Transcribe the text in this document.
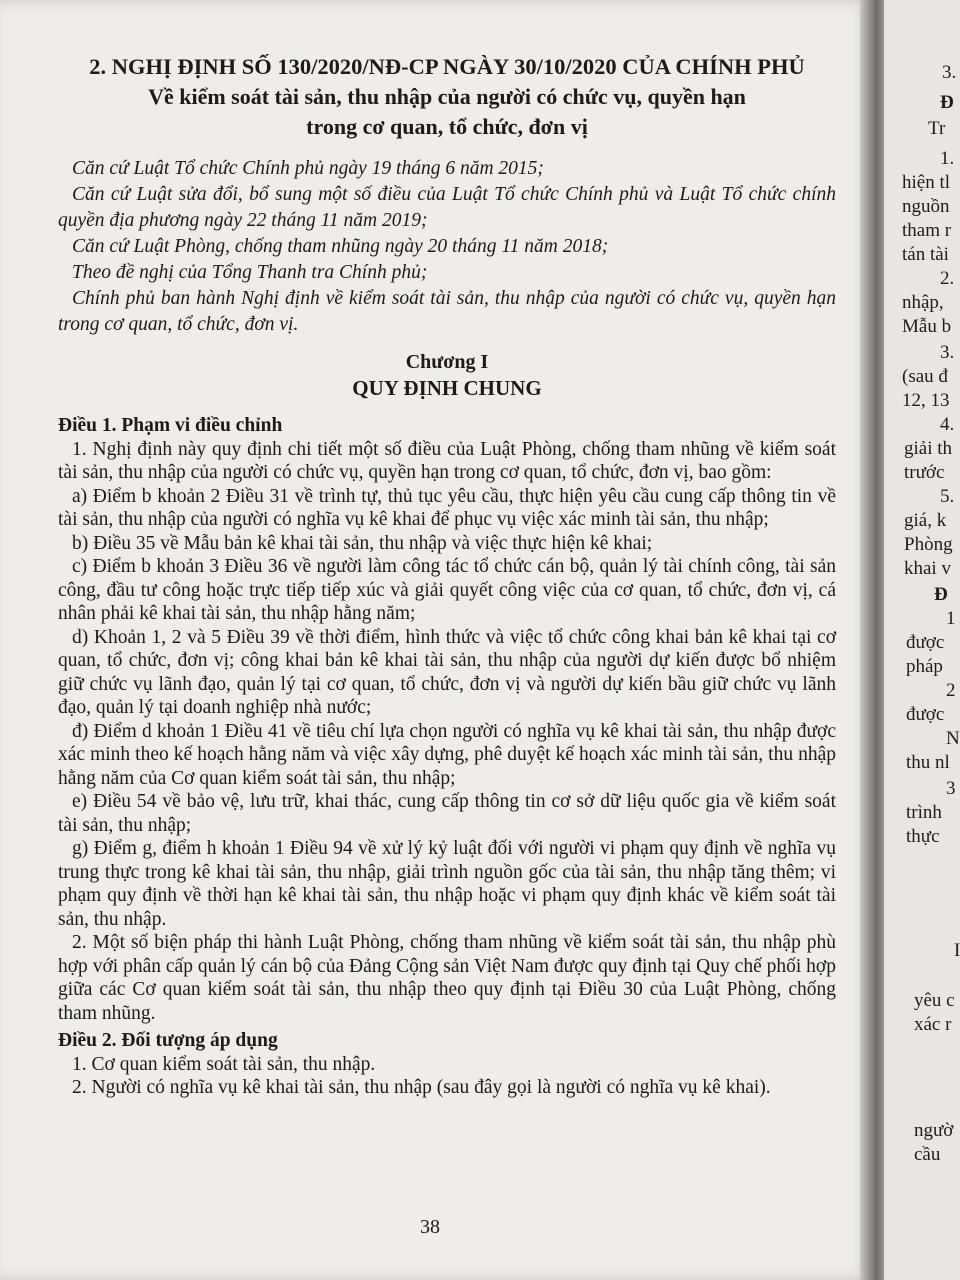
2. NGHỊ ĐỊNH SỐ 130/2020/NĐ-CP NGÀY 30/10/2020 CỦA CHÍNH PHỦ
Về kiểm soát tài sản, thu nhập của người có chức vụ, quyền hạn
trong cơ quan, tổ chức, đơn vị

Căn cứ Luật Tổ chức Chính phủ ngày 19 tháng 6 năm 2015;

Căn cứ Luật sửa đổi, bổ sung một số điều của Luật Tổ chức Chính phủ và Luật Tổ chức chính quyền địa phương ngày 22 tháng 11 năm 2019;

Căn cứ Luật Phòng, chống tham nhũng ngày 20 tháng 11 năm 2018;

Theo đề nghị của Tổng Thanh tra Chính phủ;

Chính phủ ban hành Nghị định về kiểm soát tài sản, thu nhập của người có chức vụ, quyền hạn trong cơ quan, tổ chức, đơn vị.

Chương I
QUY ĐỊNH CHUNG

Điều 1. Phạm vi điều chỉnh

1. Nghị định này quy định chi tiết một số điều của Luật Phòng, chống tham nhũng về kiểm soát tài sản, thu nhập của người có chức vụ, quyền hạn trong cơ quan, tổ chức, đơn vị, bao gồm:

a) Điểm b khoản 2 Điều 31 về trình tự, thủ tục yêu cầu, thực hiện yêu cầu cung cấp thông tin về tài sản, thu nhập của người có nghĩa vụ kê khai để phục vụ việc xác minh tài sản, thu nhập;

b) Điều 35 về Mẫu bản kê khai tài sản, thu nhập và việc thực hiện kê khai;

c) Điểm b khoản 3 Điều 36 về người làm công tác tổ chức cán bộ, quản lý tài chính công, tài sản công, đầu tư công hoặc trực tiếp tiếp xúc và giải quyết công việc của cơ quan, tổ chức, đơn vị, cá nhân phải kê khai tài sản, thu nhập hằng năm;

d) Khoản 1, 2 và 5 Điều 39 về thời điểm, hình thức và việc tổ chức công khai bản kê khai tại cơ quan, tổ chức, đơn vị; công khai bản kê khai tài sản, thu nhập của người dự kiến được bổ nhiệm giữ chức vụ lãnh đạo, quản lý tại cơ quan, tổ chức, đơn vị và người dự kiến bầu giữ chức vụ lãnh đạo, quản lý tại doanh nghiệp nhà nước;

đ) Điểm d khoản 1 Điều 41 về tiêu chí lựa chọn người có nghĩa vụ kê khai tài sản, thu nhập được xác minh theo kế hoạch hằng năm và việc xây dựng, phê duyệt kế hoạch xác minh tài sản, thu nhập hằng năm của Cơ quan kiểm soát tài sản, thu nhập;

e) Điều 54 về bảo vệ, lưu trữ, khai thác, cung cấp thông tin cơ sở dữ liệu quốc gia về kiểm soát tài sản, thu nhập;

g) Điểm g, điểm h khoản 1 Điều 94 về xử lý kỷ luật đối với người vi phạm quy định về nghĩa vụ trung thực trong kê khai tài sản, thu nhập, giải trình nguồn gốc của tài sản, thu nhập tăng thêm; vi phạm quy định về thời hạn kê khai tài sản, thu nhập hoặc vi phạm quy định khác về kiểm soát tài sản, thu nhập.

2. Một số biện pháp thi hành Luật Phòng, chống tham nhũng về kiểm soát tài sản, thu nhập phù hợp với phân cấp quản lý cán bộ của Đảng Cộng sản Việt Nam được quy định tại Quy chế phối hợp giữa các Cơ quan kiểm soát tài sản, thu nhập theo quy định tại Điều 30 của Luật Phòng, chống tham nhũng.

Điều 2. Đối tượng áp dụng

1. Cơ quan kiểm soát tài sản, thu nhập.

2. Người có nghĩa vụ kê khai tài sản, thu nhập (sau đây gọi là người có nghĩa vụ kê khai).

38
3.
Đ
Tr
1.
hiện tl
nguồn
tham r
tán tài
2.
nhập,
Mẫu b
3.
(sau đ
12, 13
4.
giải th
trước
5.
giá, k
Phòng
khai v
Đ
1
được
pháp
2
được
N
thu nl
3
trình
thực
I
yêu c
xác r
ngườ
cầu
